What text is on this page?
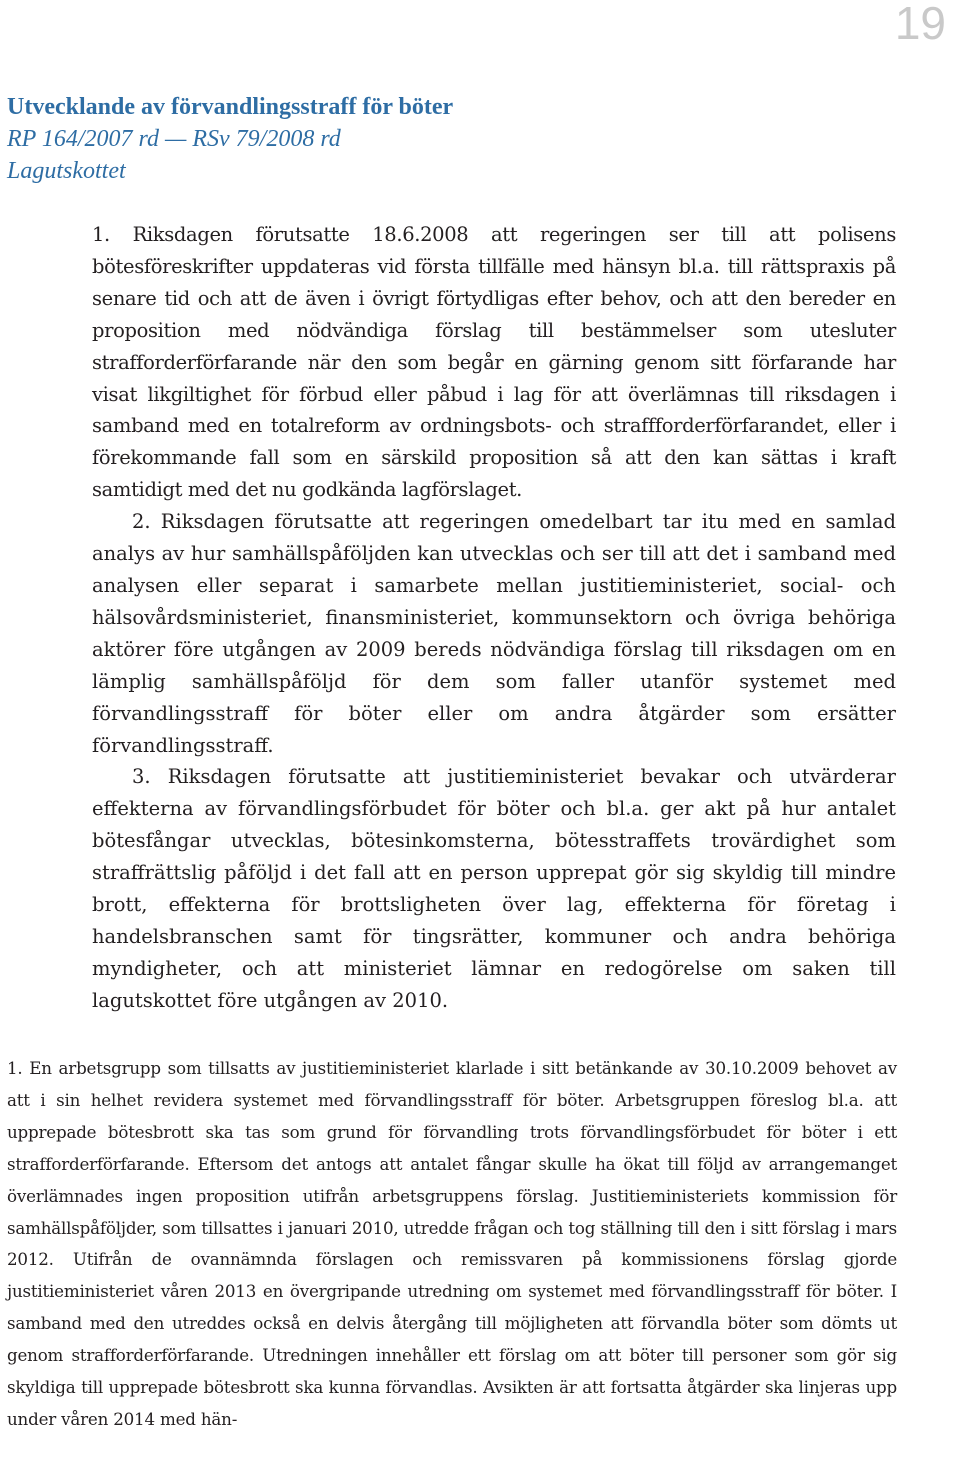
19

Utvecklande av förvandlingsstraff för böter

RP 164/2007 rd — RSv 79/2008 rd

Lagutskottet

1. Riksdagen förutsatte 18.6.2008 att regeringen ser till att polisens bötesföreskrifter uppdateras vid första tillfälle med hänsyn bl.a. till rättspraxis på senare tid och att de även i övrigt förtydligas efter behov, och att den bereder en proposition med nödvändiga förslag till bestämmelser som utesluter strafforderförfarande när den som begår en gärning genom sitt förfarande har visat likgiltighet för förbud eller påbud i lag för att överlämnas till riksdagen i samband med en totalreform av ordningsbots- och straffforderförfarandet, eller i förekommande fall som en särskild proposition så att den kan sättas i kraft samtidigt med det nu godkända lagförslaget.

2. Riksdagen förutsatte att regeringen omedelbart tar itu med en samlad analys av hur samhällspåföljden kan utvecklas och ser till att det i samband med analysen eller separat i samarbete mellan justitieministeriet, social- och hälsovårdsministeriet, finansministeriet, kommunsektorn och övriga behöriga aktörer före utgången av 2009 bereds nödvändiga förslag till riksdagen om en lämplig samhällspåföljd för dem som faller utanför systemet med förvandlingsstraff för böter eller om andra åtgärder som ersätter förvandlingsstraff.

3. Riksdagen förutsatte att justitieministeriet bevakar och utvärderar effekterna av förvandlingsförbudet för böter och bl.a. ger akt på hur antalet bötesfångar utvecklas, bötesinkomsterna, bötesstraffets trovärdighet som straffrättslig påföljd i det fall att en person upprepat gör sig skyldig till mindre brott, effekterna för brottsligheten över lag, effekterna för företag i handelsbranschen samt för tingsrätter, kommuner och andra behöriga myndigheter, och att ministeriet lämnar en redogörelse om saken till lagutskottet före utgången av 2010.

1. En arbetsgrupp som tillsatts av justitieministeriet klarlade i sitt betänkande av 30.10.2009 behovet av att i sin helhet revidera systemet med förvandlingsstraff för böter. Arbetsgruppen föreslog bl.a. att upprepade bötesbrott ska tas som grund för förvandling trots förvandlingsförbudet för böter i ett strafforderförfarande. Eftersom det antogs att antalet fångar skulle ha ökat till följd av arrangemanget överlämnades ingen proposition utifrån arbetsgruppens förslag. Justitieministeriets kommission för samhällspåföljder, som tillsattes i januari 2010, utredde frågan och tog ställning till den i sitt förslag i mars 2012. Utifrån de ovannämnda förslagen och remissvaren på kommissionens förslag gjorde justitieministeriet våren 2013 en övergripande utredning om systemet med förvandlingsstraff för böter. I samband med den utreddes också en delvis återgång till möjligheten att förvandla böter som dömts ut genom strafforderförfarande. Utredningen innehåller ett förslag om att böter till personer som gör sig skyldiga till upprepade bötesbrott ska kunna förvandlas. Avsikten är att fortsatta åtgärder ska linjeras upp under våren 2014 med hän-
